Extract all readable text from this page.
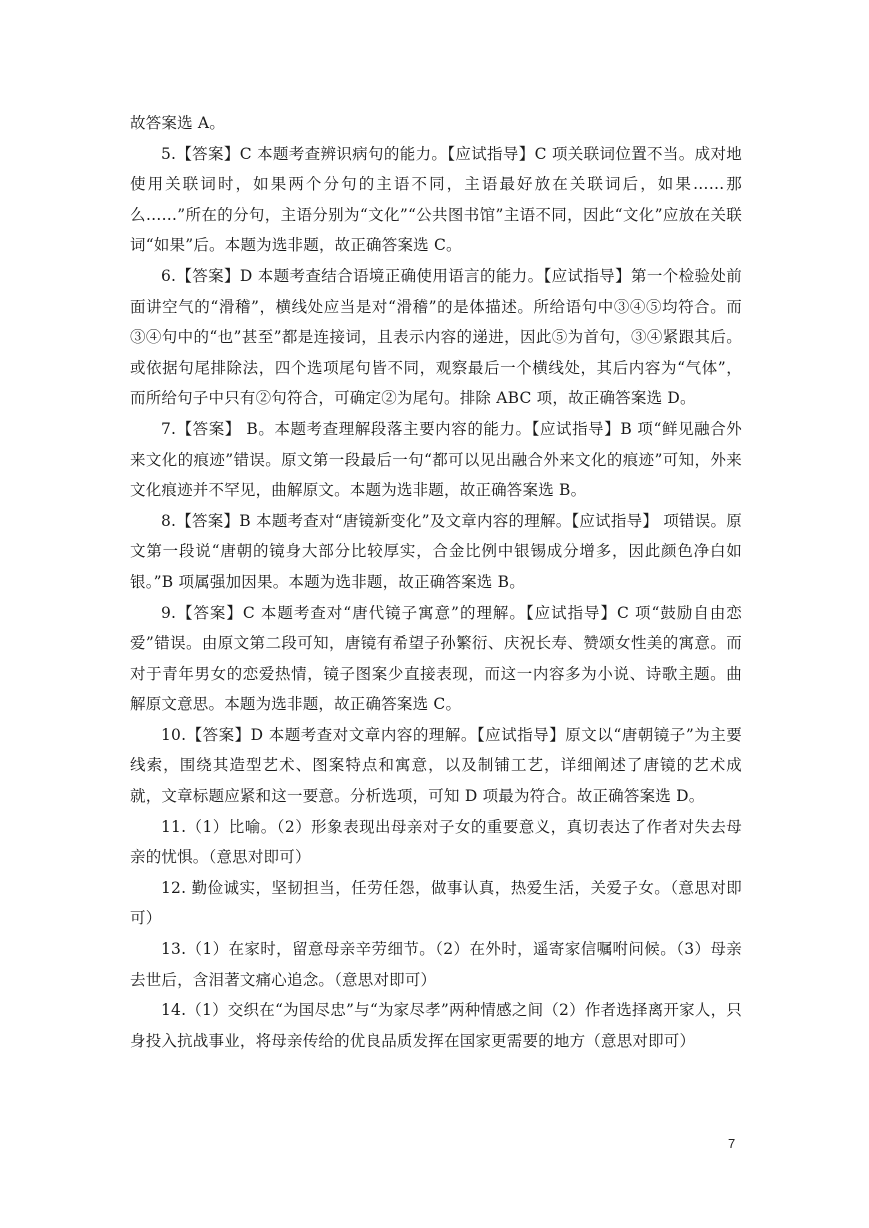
故答案选 A。

5.【答案】C 本题考查辨识病句的能力。【应试指导】C 项关联词位置不当。成对地使用关联词时，如果两个分句的主语不同，主语最好放在关联词后，如果……那么……”所在的分句，主语分别为“文化”“公共图书馆”主语不同，因此“文化”应放在关联词“如果”后。本题为选非题，故正确答案选 C。

6.【答案】D 本题考查结合语境正确使用语言的能力。【应试指导】第一个检验处前面讲空气的“滑稽”，横线处应当是对“滑稽”的是体描述。所给语句中③④⑤均符合。而③④句中的“也”甚至”都是连接词，且表示内容的递进，因此⑤为首句，③④紧跟其后。或依据句尾排除法，四个选项尾句皆不同，观察最后一个横线处，其后内容为“气体”，而所给句子中只有②句符合，可确定②为尾句。排除 ABC 项，故正确答案选 D。

7.【答案】 B。本题考查理解段落主要内容的能力。【应试指导】B 项“鲜见融合外来文化的痕迹”错误。原文第一段最后一句“都可以见出融合外来文化的痕迹”可知，外来文化痕迹并不罕见，曲解原文。本题为选非题，故正确答案选 B。

8.【答案】B 本题考查对“唐镜新变化”及文章内容的理解。【应试指导】 项错误。原文第一段说“唐朝的镜身大部分比较厚实，合金比例中银锡成分增多，因此颜色净白如银。”B 项属强加因果。本题为选非题，故正确答案选 B。

9.【答案】C 本题考查对“唐代镜子寓意”的理解。【应试指导】C 项“鼓励自由恋爱”错误。由原文第二段可知，唐镜有希望子孙繁衍、庆祝长寿、赞颂女性美的寓意。而对于青年男女的恋爱热情，镜子图案少直接表现，而这一内容多为小说、诗歌主题。曲解原文意思。本题为选非题，故正确答案选 C。

10.【答案】D 本题考查对文章内容的理解。【应试指导】原文以“唐朝镜子”为主要线索，围绕其造型艺术、图案特点和寓意，以及制铺工艺，详细阐述了唐镜的艺术成就，文章标题应紧和这一要意。分析选项，可知 D 项最为符合。故正确答案选 D。

11.（1）比喻。（2）形象表现出母亲对子女的重要意义，真切表达了作者对失去母亲的忧惧。（意思对即可）

12. 勤俭诚实，坚韧担当，任劳任怨，做事认真，热爱生活，关爱子女。（意思对即可）

13.（1）在家时，留意母亲辛劳细节。（2）在外时，遥寄家信嘱咐问候。（3）母亲去世后，含泪著文痛心追念。（意思对即可）

14.（1）交织在“为国尽忠”与“为家尽孝”两种情感之间（2）作者选择离开家人，只身投入抗战事业，将母亲传给的优良品质发挥在国家更需要的地方（意思对即可）

7
